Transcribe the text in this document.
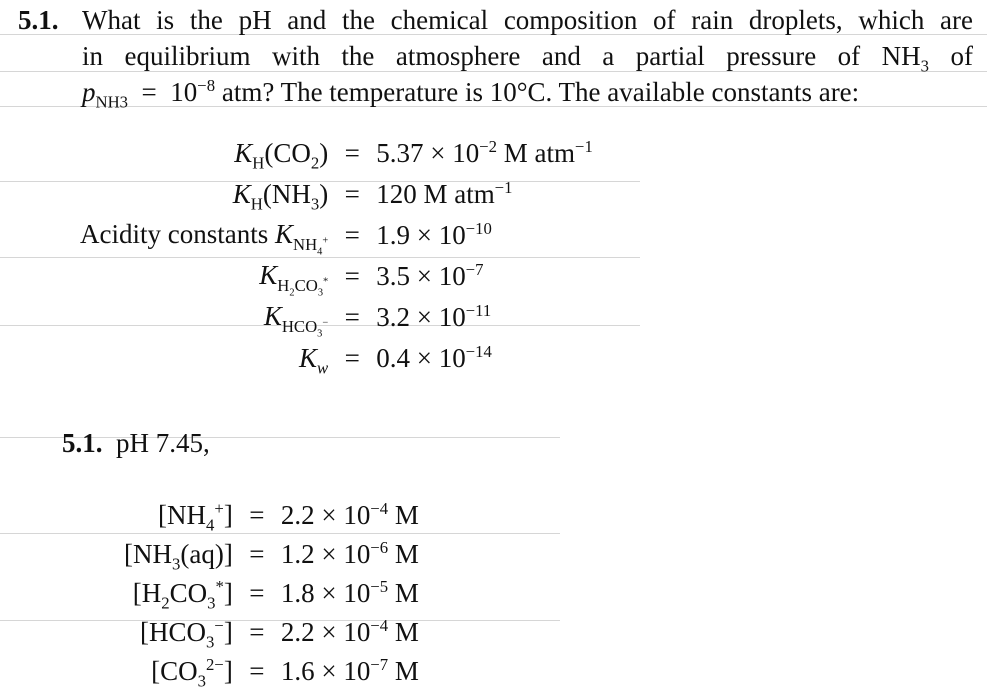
5.1. What is the pH and the chemical composition of rain droplets, which are
in equilibrium with the atmosphere and a partial pressure of $NH_3$ of
$p_{NH3} = 10^{-8}$ atm? The temperature is 10°C. The available constants are:
$K_H(CO_2)$	=	$5.37 \times 10^{-2}$ M atm$^{-1}$
$K_H(NH_3)$	=	120 M atm$^{-1}$
Acidity constants $K_{NH_4^+}$	=	$1.9 \times 10^{-10}$
$K_{H_2CO_3^*}$	=	$3.5 \times 10^{-7}$
$K_{HCO_3^-}$	=	$3.2 \times 10^{-11}$
$K_w$	=	$0.4 \times 10^{-14}$
5.1. pH 7.45,
$[NH_4^+]$	=	$2.2 \times 10^{-4}$ M
$[NH_3(aq)]$	=	$1.2 \times 10^{-6}$ M
$[H_2CO_3^*]$	=	$1.8 \times 10^{-5}$ M
$[HCO_3^-]$	=	$2.2 \times 10^{-4}$ M
$[CO_3^{2-}]$	=	$1.6 \times 10^{-7}$ M
